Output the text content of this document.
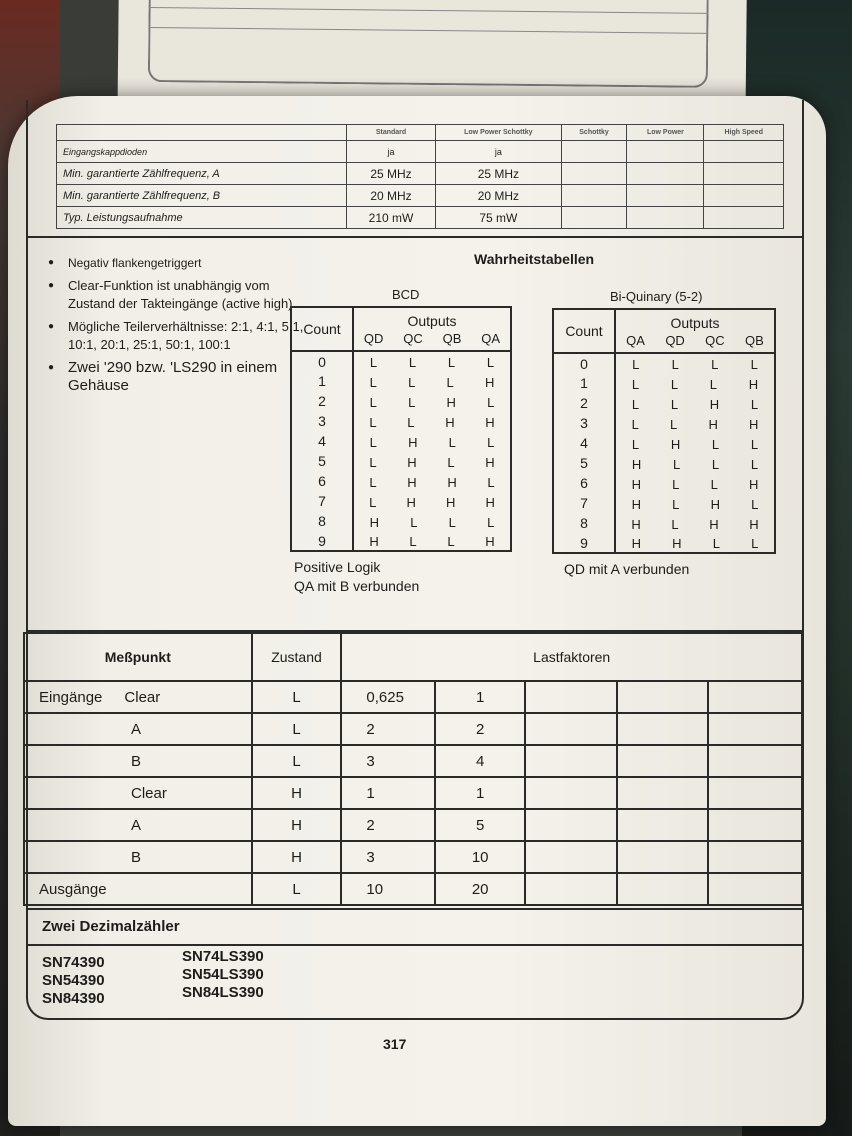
	Standard	Low Power Schottky	Schottky	Low Power	High Speed
Eingangskappdioden	ja	ja			
Min. garantierte Zählfrequenz, A	25 MHz	25 MHz			
Min. garantierte Zählfrequenz, B	20 MHz	20 MHz			
Typ. Leistungsaufnahme	210 mW	75 mW			
● Negativ flankengetriggert
● Clear-Funktion ist unabhängig vom Zustand der Takteingänge (active high)
● Mögliche Teilerverhältnisse: 2:1, 4:1, 5:1, 10:1, 20:1, 25:1, 50:1, 100:1
● Zwei '290 bzw. 'LS290 in einem Gehäuse
Wahrheitstabellen
BCD
Count	Outputs
QD QC QB QA

0	L L L L

1	L L L H

2	L L H L

3	L L H H

4	L H L L

5	L H L H

6	L H H L

7	L H H H

8	H L L L

9	H L L H
Positive Logik
QA mit B verbunden
Bi-Quinary (5-2)
Count	Outputs
QA QD QC QB

0	L L L L

1	L L L H

2	L L H L

3	L L H H

4	L H L L

5	H L L L

6	H L L H

7	H L H L

8	H L H H

9	H H L L
QD mit A verbunden
Meßpunkt	Zustand	Lastfaktoren				
Eingänge Clear	L	0,625	1			
A	L	2	2			
B	L	3	4			
Clear	H	1	1			
A	H	2	5			
B	H	3	10			
Ausgänge	L	10	20			
Zwei Dezimalzähler
SN74390
SN54390
SN84390
SN74LS390
SN54LS390
SN84LS390
317
